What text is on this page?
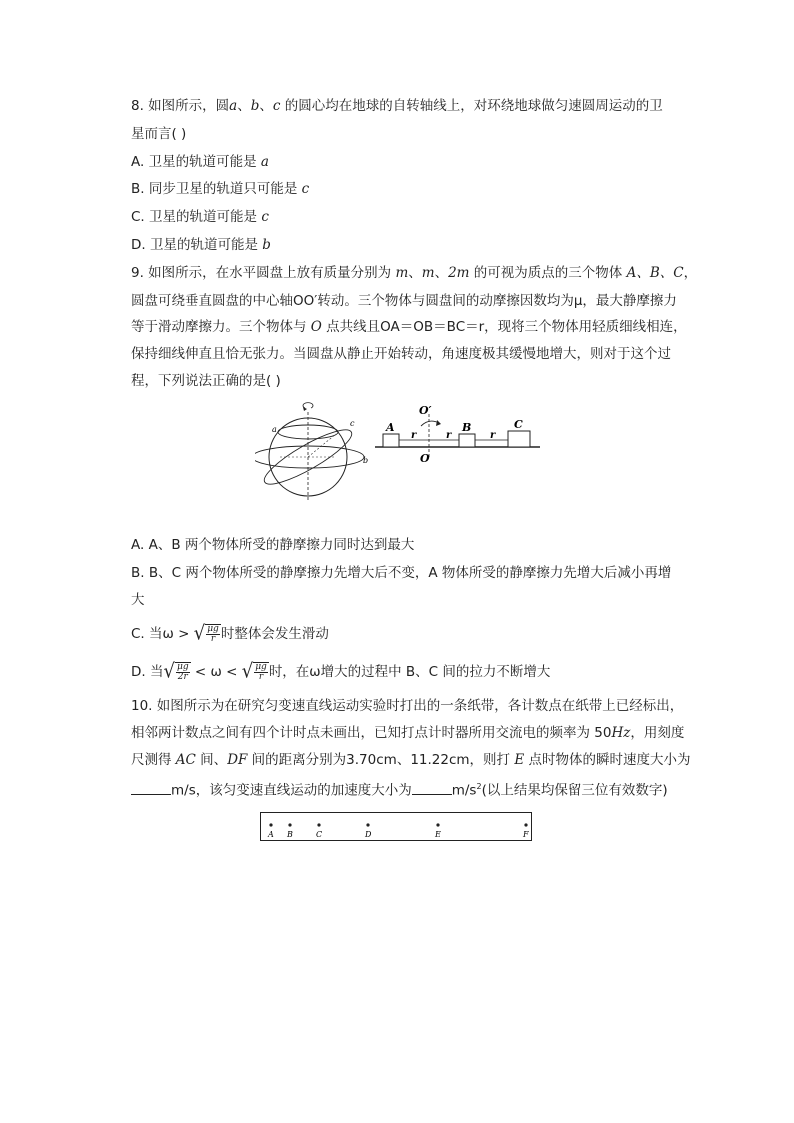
8. 如图所示，圆a、b、c 的圆心均在地球的自转轴线上，对环绕地球做匀速圆周运动的卫
星而言( )
A. 卫星的轨道可能是 a
B. 同步卫星的轨道只可能是 c
C. 卫星的轨道可能是 c
D. 卫星的轨道可能是 b
9. 如图所示，在水平圆盘上放有质量分别为 m、m、2m 的可视为质点的三个物体 A、B、C，
圆盘可绕垂直圆盘的中心轴OO′转动。三个物体与圆盘间的动摩擦因数均为μ，最大静摩擦力
等于滑动摩擦力。三个物体与 O 点共线且OA＝OB＝BC＝r，现将三个物体用轻质细线相连，
保持细线伸直且恰无张力。当圆盘从静止开始转动，角速度极其缓慢地增大，则对于这个过
程，下列说法正确的是( )
a
c
b
O′
O
A	B	C
r	r	r
A. A、B 两个物体所受的静摩擦力同时达到最大
B. B、C 两个物体所受的静摩擦力先增大后不变，A 物体所受的静摩擦力先增大后减小再增
大
C. 当ω > √ $\frac{\mu g}{r}$ 时整体会发生滑动
D. 当 √ $\frac{\mu g}{2r} < \omega$ < √ $\frac{\mu g}{r}$ 时，在ω增大的过程中 B、C 间的拉力不断增大
10. 如图所示为在研究匀变速直线运动实验时打出的一条纸带，各计数点在纸带上已经标出，
相邻两计数点之间有四个计时点未画出，已知打点计时器所用交流电的频率为 50Hz，用刻度
尺测得 AC 间、DF 间的距离分别为3.70cm、11.22cm，则打 E 点时物体的瞬时速度大小为
m/s，该匀变速直线运动的加速度大小为	$m/s^2$(以上结果均保留三位有效数字)
A B	C	D	E	F
